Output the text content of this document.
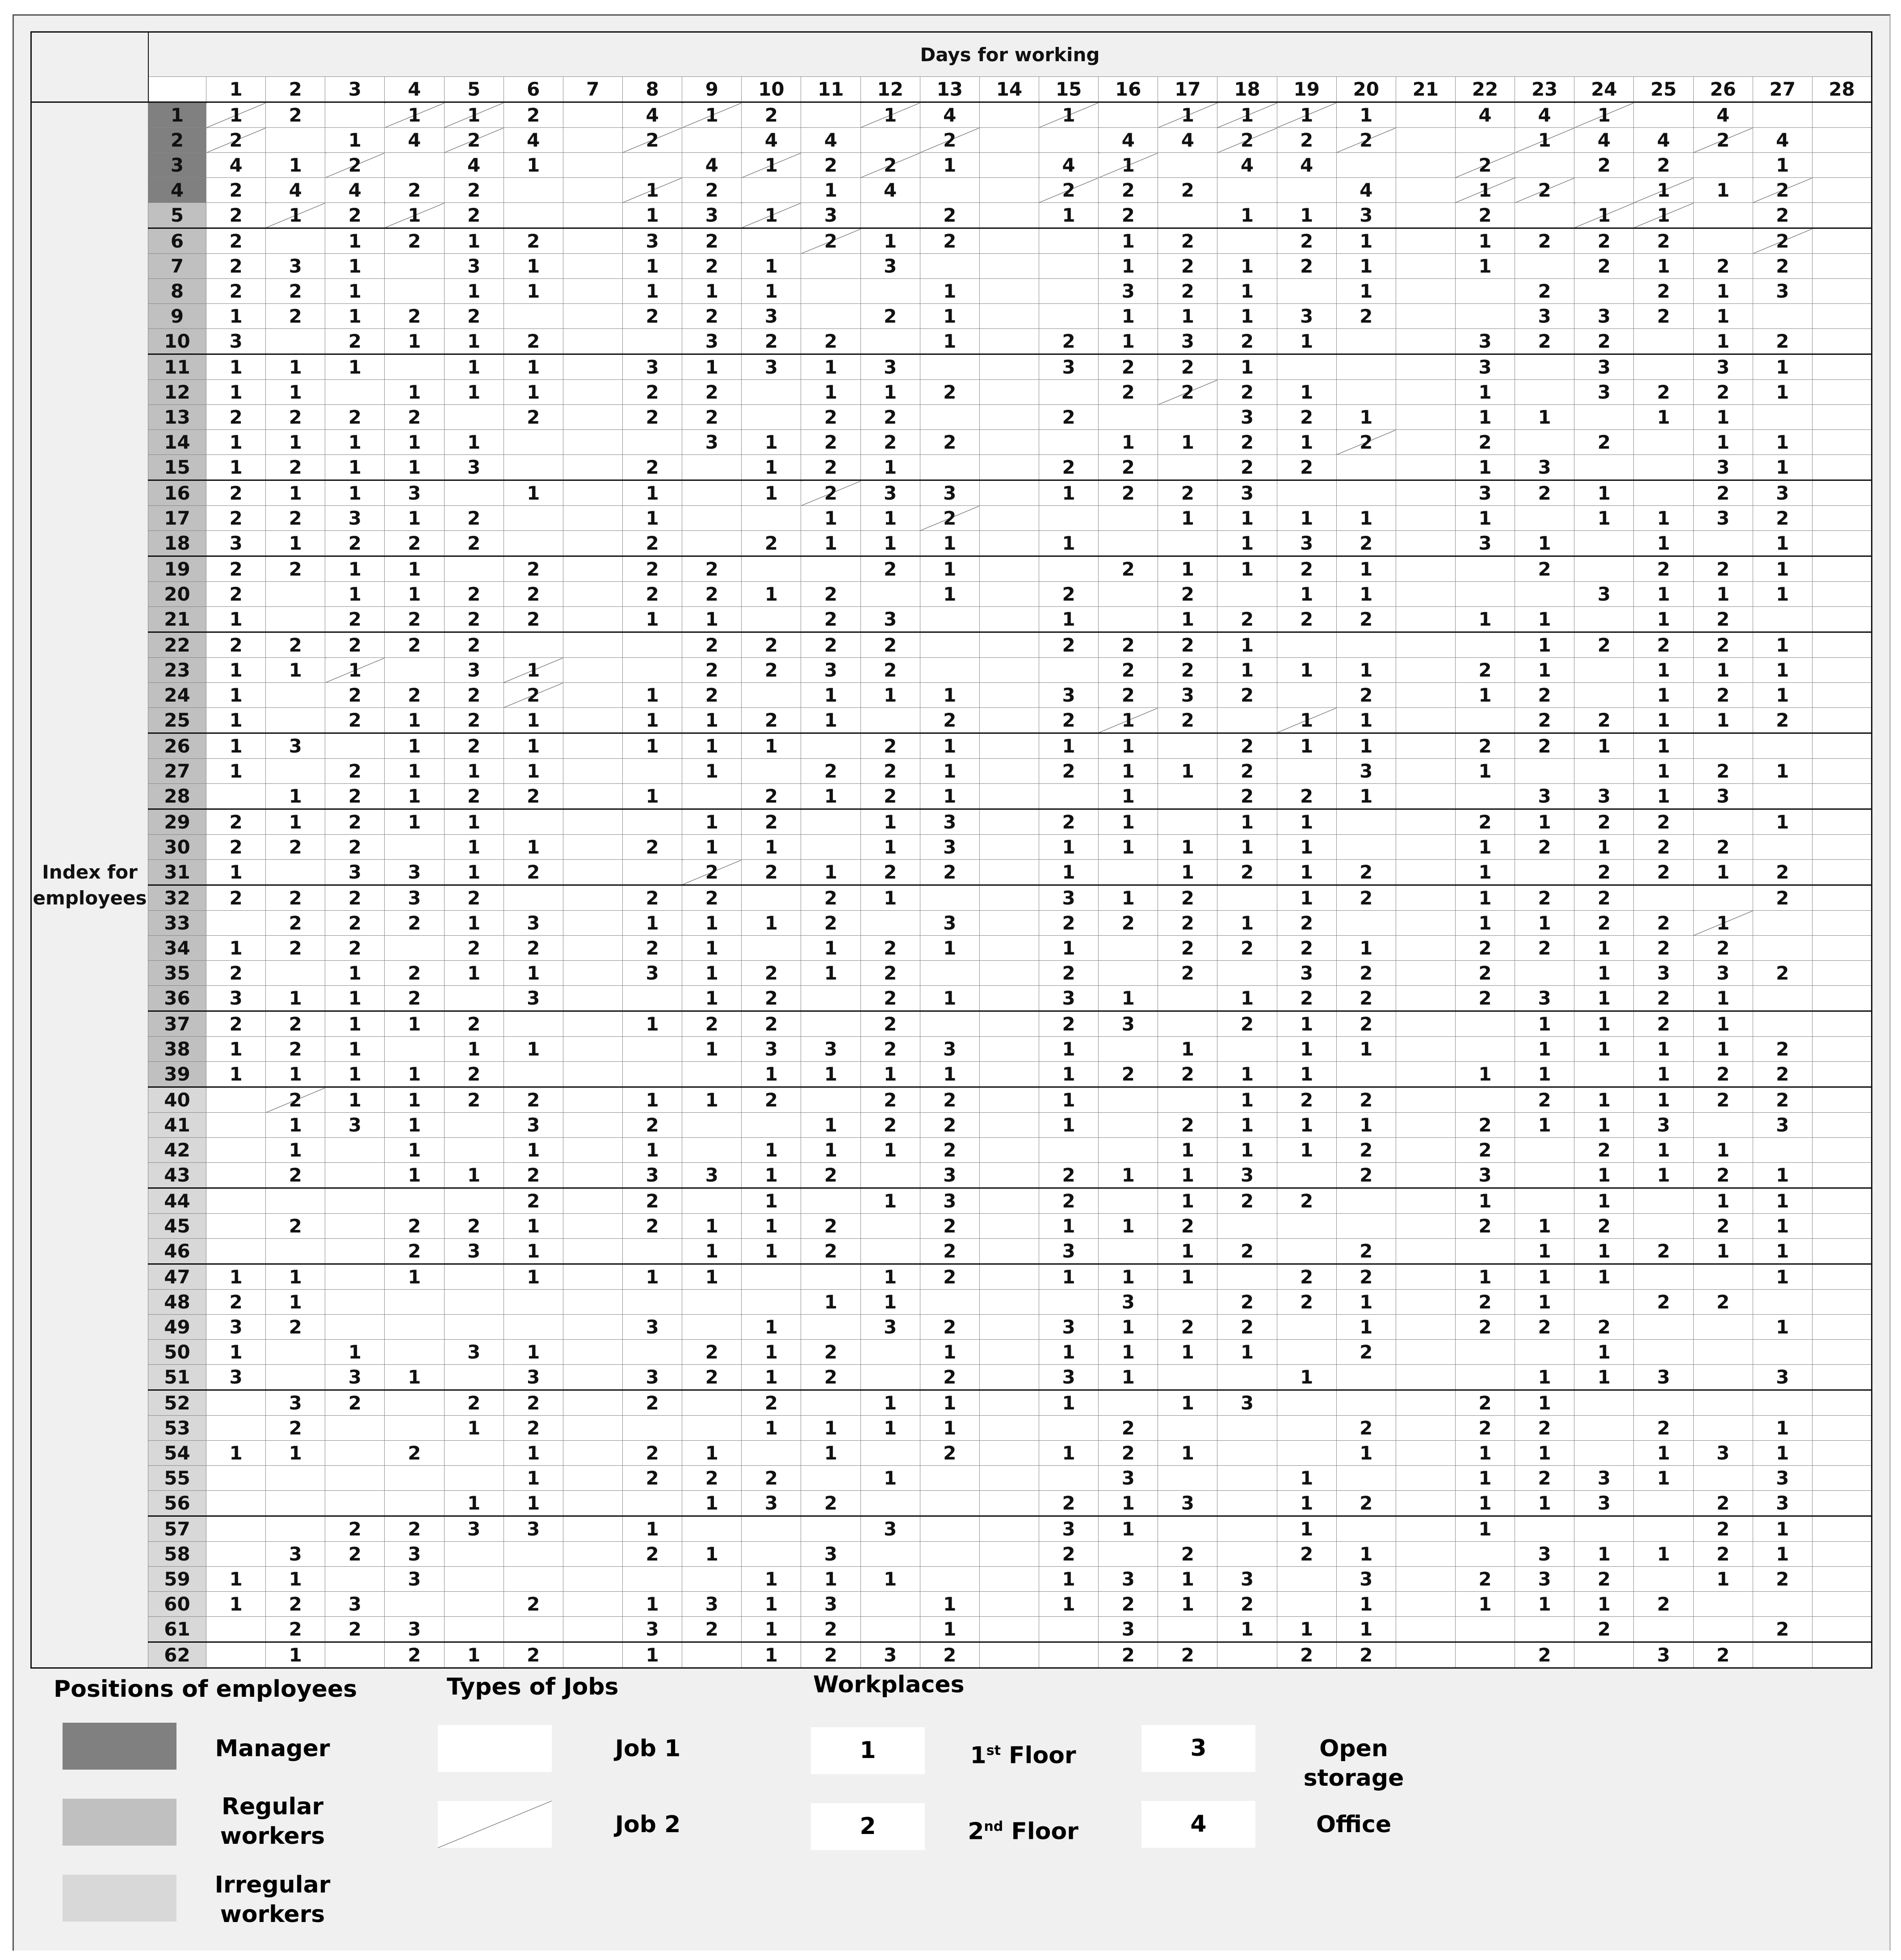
	Days for working																												
		1	2	3	4	5	6	7	8	9	10	11	12	13	14	15	16	17	18	19	20	21	22	23	24	25	26	27	28
Index for employees	1	1	2		1	1	2		4	1	2		1	4		1		1	1	1	1		4	4	1		4		
	2	2		1	4	2	4		2		4	4		2			4	4	2	2	2			1	4	4	2	4	
	3	4	1	2		4	1			4	1	2	2	1		4	1		4	4			2		2	2		1	
	4	2	4	4	2	2			1	2		1	4			2	2	2			4		1	2		1	1	2	
	5	2	1	2	1	2			1	3	1	3		2		1	2		1	1	3		2		1	1		2	
	6	2		1	2	1	2		3	2		2	1	2			1	2		2	1		1	2	2	2		2	
	7	2	3	1		3	1		1	2	1		3				1	2	1	2	1		1		2	1	2	2	
	8	2	2	1		1	1		1	1	1			1			3	2	1		1			2		2	1	3	
	9	1	2	1	2	2			2	2	3		2	1			1	1	1	3	2			3	3	2	1		
	10	3		2	1	1	2			3	2	2		1		2	1	3	2	1			3	2	2		1	2	
	11	1	1	1		1	1		3	1	3	1	3			3	2	2	1				3		3		3	1	
	12	1	1		1	1	1		2	2		1	1	2			2	2	2	1			1		3	2	2	1	
	13	2	2	2	2		2		2	2		2	2			2			3	2	1		1	1		1	1		
	14	1	1	1	1	1				3	1	2	2	2			1	1	2	1	2		2		2		1	1	
	15	1	2	1	1	3			2		1	2	1			2	2		2	2			1	3			3	1	
	16	2	1	1	3		1		1		1	2	3	3		1	2	2	3				3	2	1		2	3	
	17	2	2	3	1	2			1			1	1	2				1	1	1	1		1		1	1	3	2	
	18	3	1	2	2	2			2		2	1	1	1		1			1	3	2		3	1		1		1	
	19	2	2	1	1		2		2	2			2	1			2	1	1	2	1			2		2	2	1	
	20	2		1	1	2	2		2	2	1	2		1		2		2		1	1				3	1	1	1	
	21	1		2	2	2	2		1	1		2	3			1		1	2	2	2		1	1		1	2		
	22	2	2	2	2	2				2	2	2	2			2	2	2	1					1	2	2	2	1	
	23	1	1	1		3	1			2	2	3	2				2	2	1	1	1		2	1		1	1	1	
	24	1		2	2	2	2		1	2		1	1	1		3	2	3	2		2		1	2		1	2	1	
	25	1		2	1	2	1		1	1	2	1		2		2	1	2		1	1			2	2	1	1	2	
	26	1	3		1	2	1		1	1	1		2	1		1	1		2	1	1		2	2	1	1			
	27	1		2	1	1	1			1		2	2	1		2	1	1	2		3		1			1	2	1	
	28		1	2	1	2	2		1		2	1	2	1			1		2	2	1			3	3	1	3		
	29	2	1	2	1	1				1	2		1	3		2	1		1	1			2	1	2	2		1	
	30	2	2	2		1	1		2	1	1		1	3		1	1	1	1	1			1	2	1	2	2		
	31	1		3	3	1	2			2	2	1	2	2		1		1	2	1	2		1		2	2	1	2	
	32	2	2	2	3	2			2	2		2	1			3	1	2		1	2		1	2	2			2	
	33		2	2	2	1	3		1	1	1	2		3		2	2	2	1	2			1	1	2	2	1		
	34	1	2	2		2	2		2	1		1	2	1		1		2	2	2	1		2	2	1	2	2		
	35	2		1	2	1	1		3	1	2	1	2			2		2		3	2		2		1	3	3	2	
	36	3	1	1	2		3			1	2		2	1		3	1		1	2	2		2	3	1	2	1		
	37	2	2	1	1	2			1	2	2		2			2	3		2	1	2			1	1	2	1		
	38	1	2	1		1	1			1	3	3	2	3		1		1		1	1			1	1	1	1	2	
	39	1	1	1	1	2					1	1	1	1		1	2	2	1	1			1	1		1	2	2	
	40		2	1	1	2	2		1	1	2		2	2		1			1	2	2			2	1	1	2	2	
	41		1	3	1		3		2			1	2	2		1		2	1	1	1		2	1	1	3		3	
	42		1		1		1		1		1	1	1	2				1	1	1	2		2		2	1	1		
	43		2		1	1	2		3	3	1	2		3		2	1	1	3		2		3		1	1	2	1	
	44						2		2		1		1	3		2		1	2	2			1		1		1	1	
	45		2		2	2	1		2	1	1	2		2		1	1	2					2	1	2		2	1	
	46				2	3	1			1	1	2		2		3		1	2		2			1	1	2	1	1	
	47	1	1		1		1		1	1			1	2		1	1	1		2	2		1	1	1			1	
	48	2	1									1	1				3		2	2	1		2	1		2	2		
	49	3	2						3		1		3	2		3	1	2	2		1		2	2	2			1	
	50	1		1		3	1			2	1	2		1		1	1	1	1		2				1				
	51	3		3	1		3		3	2	1	2		2		3	1			1				1	1	3		3	
	52		3	2		2	2		2		2		1	1		1		1	3				2	1					
	53		2			1	2				1	1	1	1			2				2		2	2		2		1	
	54	1	1		2		1		2	1		1		2		1	2	1			1		1	1		1	3	1	
	55						1		2	2	2		1				3			1			1	2	3	1		3	
	56					1	1			1	3	2				2	1	3		1	2		1	1	3		2	3	
	57			2	2	3	3		1				3			3	1			1			1				2	1	
	58		3	2	3				2	1		3				2		2		2	1			3	1	1	2	1	
	59	1	1		3						1	1	1			1	3	1	3		3		2	3	2		1	2	
	60	1	2	3			2		1	3	1	3		1		1	2	1	2		1		1	1	1	2			
	61		2	2	3				3	2	1	2		1			3		1	1	1				2			2	
	62		1		2	1	2		1		1	2	3	2			2	2		2	2			2		3	2		
Positions of employees
Manager
Regular workers
Irregular workers
Types of Jobs
Job 1
Job 2
Workplaces
1	1st Floor
2	2nd Floor
3	Open storage
4	Office
